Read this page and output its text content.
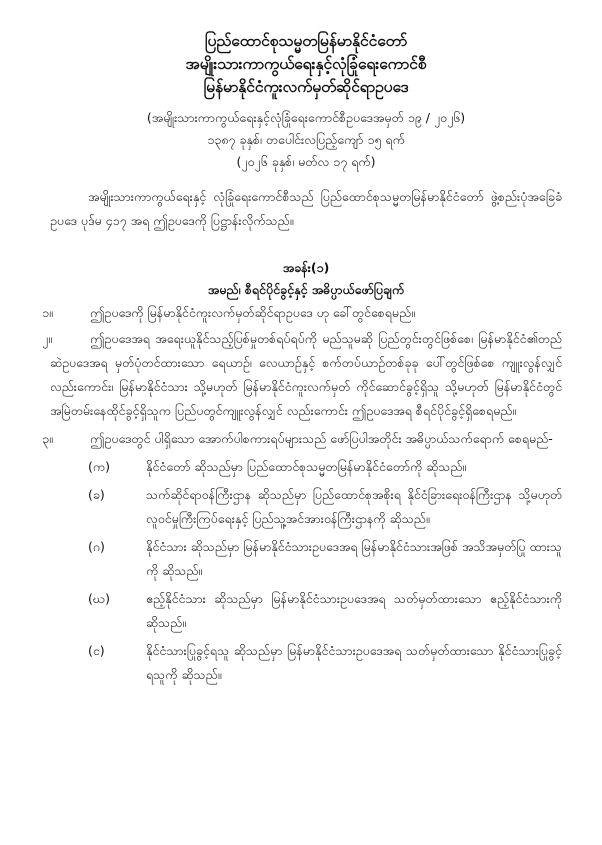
ပြည်ထောင်စုသမ္မတမြန်မာနိုင်ငံတော်
အမျိုးသားကာကွယ်ရေးနှင့်လုံခြုံရေးကောင်စီ
မြန်မာနိုင်ငံကူးလက်မှတ်ဆိုင်ရာဥပဒေ
(အမျိုးသားကာကွယ်ရေးနှင့်လုံခြုံရေးကောင်စီဥပဒေအမှတ် ၁၉ / ၂၀၂၆)
၁၃၈၇ ခုနှစ်၊ တပေါင်းလပြည့်ကျော် ၁၅ ရက်
(၂၀၂၆ ခုနှစ်၊ မတ်လ ၁၇ ရက်)
အမျိုးသားကာကွယ်ရေးနှင့် လုံခြုံရေးကောင်စီသည် ပြည်ထောင်စုသမ္မတမြန်မာနိုင်ငံတော် ဖွဲ့စည်းပုံအခြေခံဥပဒေ ပုဒ်မ ၄၁၇ အရ ဤဥပဒေကို ပြဋ္ဌာန်းလိုက်သည်။
အခန်း(၁)
အမည်၊ စီရင်ပိုင်ခွင့်နှင့် အဓိပ္ပာယ်ဖော်ပြချက်
၁။	ဤဥပဒေကို မြန်မာနိုင်ငံကူးလက်မှတ်ဆိုင်ရာဥပဒေ ဟု ခေါ်တွင်စေရမည်။
၂။	ဤဥပဒေအရ အရေးယူနိုင်သည့်ပြစ်မှုတစ်ရပ်ရပ်ကို မည်သူမဆို ပြည်တွင်းတွင်ဖြစ်စေ၊ မြန်မာနိုင်ငံ၏တည်ဆဲဥပဒေအရ မှတ်ပုံတင်ထားသော ရေယာဉ်၊ လေယာဉ်နှင့် စက်တပ်ယာဉ်တစ်ခုခု ပေါ်တွင်ဖြစ်စေ ကျူးလွန်လျှင်လည်းကောင်း၊ မြန်မာနိုင်ငံသား သို့မဟုတ် မြန်မာနိုင်ငံကူးလက်မှတ် ကိုင်ဆောင်ခွင့်ရှိသူ သို့မဟုတ် မြန်မာနိုင်ငံတွင် အမြဲတမ်းနေထိုင်ခွင့်ရှိသူက ပြည်ပတွင်ကျူးလွန်လျှင် လည်းကောင်း ဤဥပဒေအရ စီရင်ပိုင်ခွင့်ရှိစေရမည်။
၃။	ဤဥပဒေတွင် ပါရှိသော အောက်ပါစကားရပ်များသည် ဖော်ပြပါအတိုင်း အဓိပ္ပာယ်သက်ရောက် စေရမည်-
(က)	နိုင်ငံတော် ဆိုသည်မှာ ပြည်ထောင်စုသမ္မတမြန်မာနိုင်ငံတော်ကို ဆိုသည်။
(ခ)	သက်ဆိုင်ရာဝန်ကြီးဌာန ဆိုသည်မှာ ပြည်ထောင်စုအစိုးရ နိုင်ငံခြားရေးဝန်ကြီးဌာန သို့မဟုတ် လူဝင်မှုကြီးကြပ်ရေးနှင့် ပြည်သူ့အင်အားဝန်ကြီးဌာနကို ဆိုသည်။
(ဂ)	နိုင်ငံသား ဆိုသည်မှာ မြန်မာနိုင်ငံသားဥပဒေအရ မြန်မာနိုင်ငံသားအဖြစ် အသိအမှတ်ပြု ထားသူကို ဆိုသည်။
(ဃ)	ဧည့်နိုင်ငံသား ဆိုသည်မှာ မြန်မာနိုင်ငံသားဥပဒေအရ သတ်မှတ်ထားသော ဧည့်နိုင်ငံသားကို ဆိုသည်။
(င)	နိုင်ငံသားပြုခွင့်ရသူ ဆိုသည်မှာ မြန်မာနိုင်ငံသားဥပဒေအရ သတ်မှတ်ထားသော နိုင်ငံသားပြုခွင့်ရသူကို ဆိုသည်။
